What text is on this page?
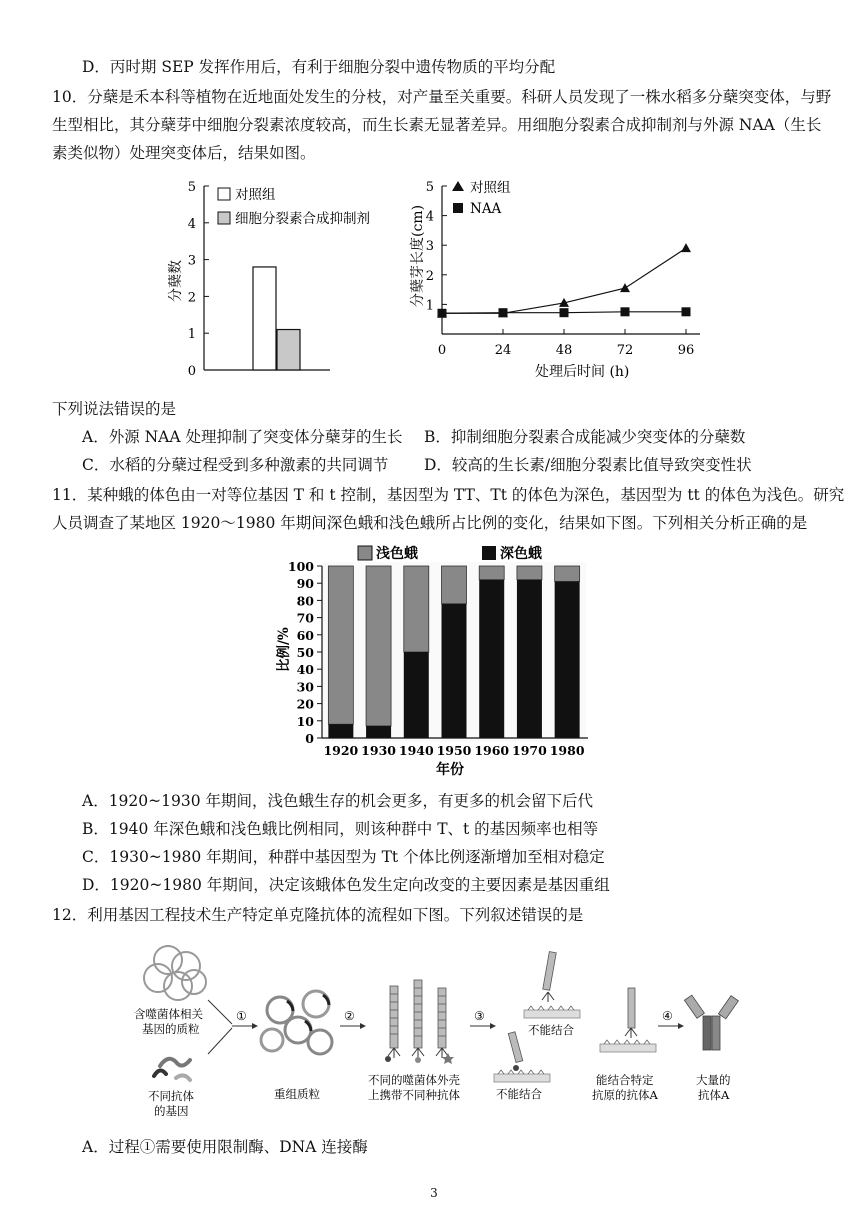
D．丙时期 SEP 发挥作用后，有利于细胞分裂中遗传物质的平均分配
10．分蘖是禾本科等植物在近地面处发生的分枝，对产量至关重要。科研人员发现了一株水稻多分蘖突变体，与野
生型相比，其分蘖芽中细胞分裂素浓度较高，而生长素无显著差异。用细胞分裂素合成抑制剂与外源 NAA（生长
素类似物）处理突变体后，结果如图。
0
1
2
3
4
5
分蘖数
对照组
细胞分裂素合成抑制剂
1
2
3
4
5
0	24	48	72	96
分蘖芽长度(cm)
处理后时间 (h)
对照组
NAA
下列说法错误的是
A．外源 NAA 处理抑制了突变体分蘖芽的生长 B．抑制细胞分裂素合成能减少突变体的分蘖数
C．水稻的分蘖过程受到多种激素的共同调节 D．较高的生长素/细胞分裂素比值导致突变性状
11．某种蛾的体色由一对等位基因 T 和 t 控制，基因型为 TT、Tt 的体色为深色，基因型为 tt 的体色为浅色。研究
人员调查了某地区 1920～1980 年期间深色蛾和浅色蛾所占比例的变化，结果如下图。下列相关分析正确的是
浅色蛾	深色蛾
0
10
20
30
40
50
60
70
80
90
100
比例/%
年份
1920 1930 1940 1950 1960 1970 1980
A．1920~1930 年期间，浅色蛾生存的机会更多，有更多的机会留下后代
B．1940 年深色蛾和浅色蛾比例相同，则该种群中 T、t 的基因频率也相等
C．1930~1980 年期间，种群中基因型为 Tt 个体比例逐渐增加至相对稳定
D．1920~1980 年期间，决定该蛾体色发生定向改变的主要因素是基因重组
12．利用基因工程技术生产特定单克隆抗体的流程如下图。下列叙述错误的是
含噬菌体相关
基因的质粒
不同抗体
的基因
①
重组质粒
②
不同的噬菌体外壳
上携带不同种抗体
③
不能结合
不能结合
能结合特定
抗原的抗体A
④
大量的
抗体A
A．过程①需要使用限制酶、DNA 连接酶
3
